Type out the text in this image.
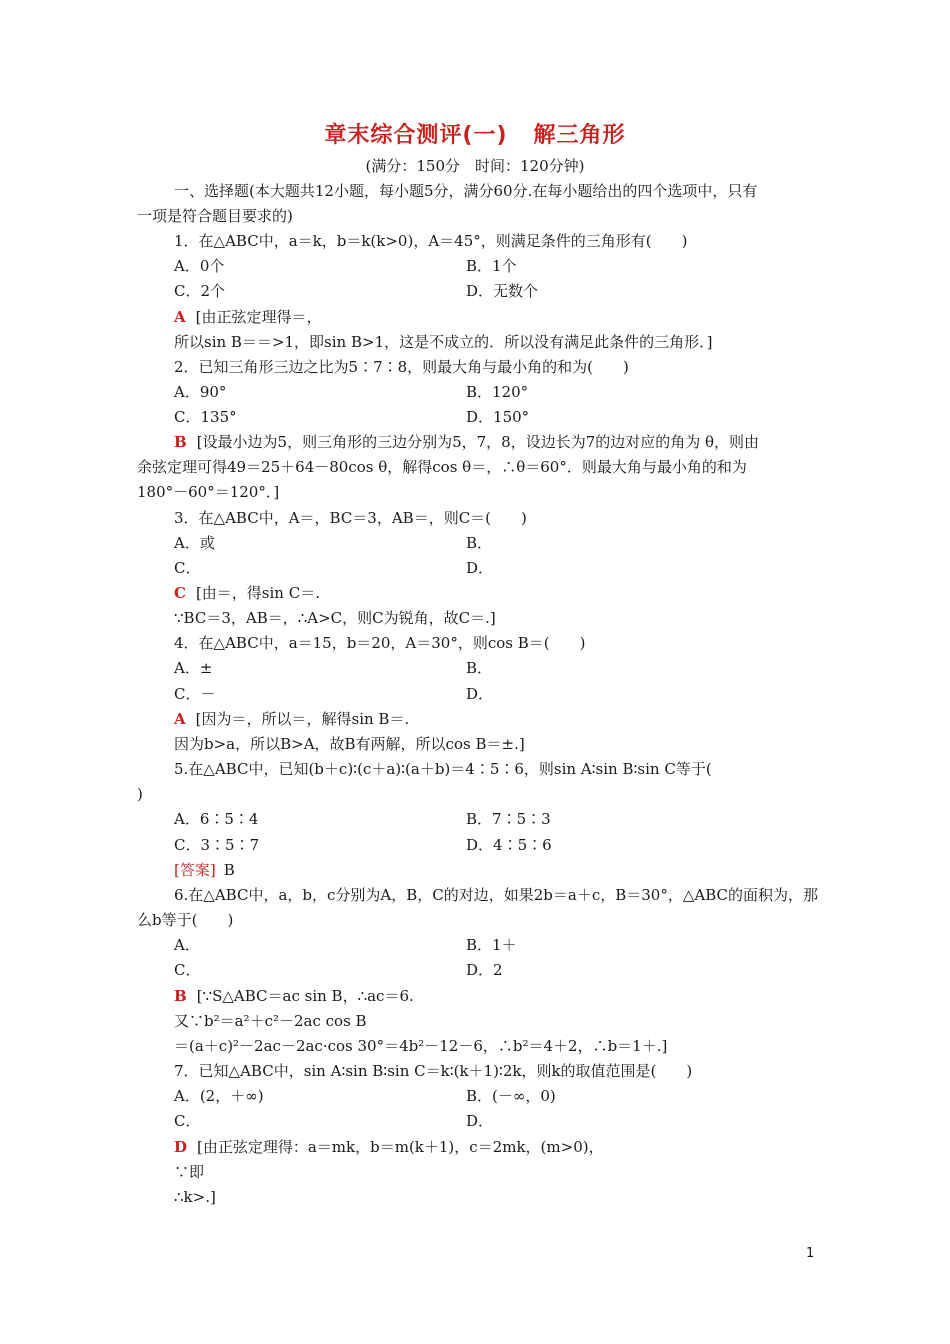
章末综合测评(一) 解三角形
(满分：150分　时间：120分钟)
一、选择题(本大题共12小题，每小题5分，满分60分.在每小题给出的四个选项中，只有
一项是符合题目要求的)
1．在△ABC中，a＝k，b＝k(k>0)，A＝45°，则满足条件的三角形有(　　)
A．0个	B．1个
C．2个	D．无数个
A [由正弦定理得＝，
所以sin B＝＝>1，即sin B>1，这是不成立的．所以没有满足此条件的三角形．]
2．已知三角形三边之比为5∶7∶8，则最大角与最小角的和为(　　)
A．90°	B．120°
C．135°	D．150°
B [设最小边为5，则三角形的三边分别为5，7，8，设边长为7的边对应的角为 θ，则由
余弦定理可得49＝25＋64－80cos θ，解得cos θ＝，∴θ＝60°．则最大角与最小角的和为
180°－60°＝120°．]
3．在△ABC中，A＝，BC＝3，AB＝，则C＝(　　)
A．或	B．
C．	D．
C [由＝，得sin C＝.
∵BC＝3，AB＝，∴A>C，则C为锐角，故C＝.]
4．在△ABC中，a＝15，b＝20，A＝30°，则cos B＝(　　)
A．±	B．
C．－	D．
A [因为＝，所以＝，解得sin B＝.
因为b>a，所以B>A，故B有两解，所以cos B＝±.]
5.在△ABC中，已知(b＋c)∶(c＋a)∶(a＋b)＝4∶5∶6，则sin A∶sin B∶sin C等于(
)
A．6∶5∶4	B．7∶5∶3
C．3∶5∶7	D．4∶5∶6
[答案] B
6.在△ABC中，a，b，c分别为A，B，C的对边，如果2b＝a＋c，B＝30°，△ABC的面积为，那
么b等于(　　)
A．	B．1＋
C．	D．2
B [∵S△ABC＝ac sin B，∴ac＝6.
又∵b²＝a²＋c²－2ac cos B
＝(a＋c)²－2ac－2ac·cos 30°＝4b²－12－6，∴b²＝4＋2，∴b＝1＋.]
7．已知△ABC中，sin A∶sin B∶sin C＝k∶(k＋1)∶2k，则k的取值范围是(　　)
A．(2，＋∞)	B．(－∞，0)
C．	D．
D [由正弦定理得：a＝mk，b＝m(k＋1)，c＝2mk，(m>0)，
∵即
∴k>.]
1
